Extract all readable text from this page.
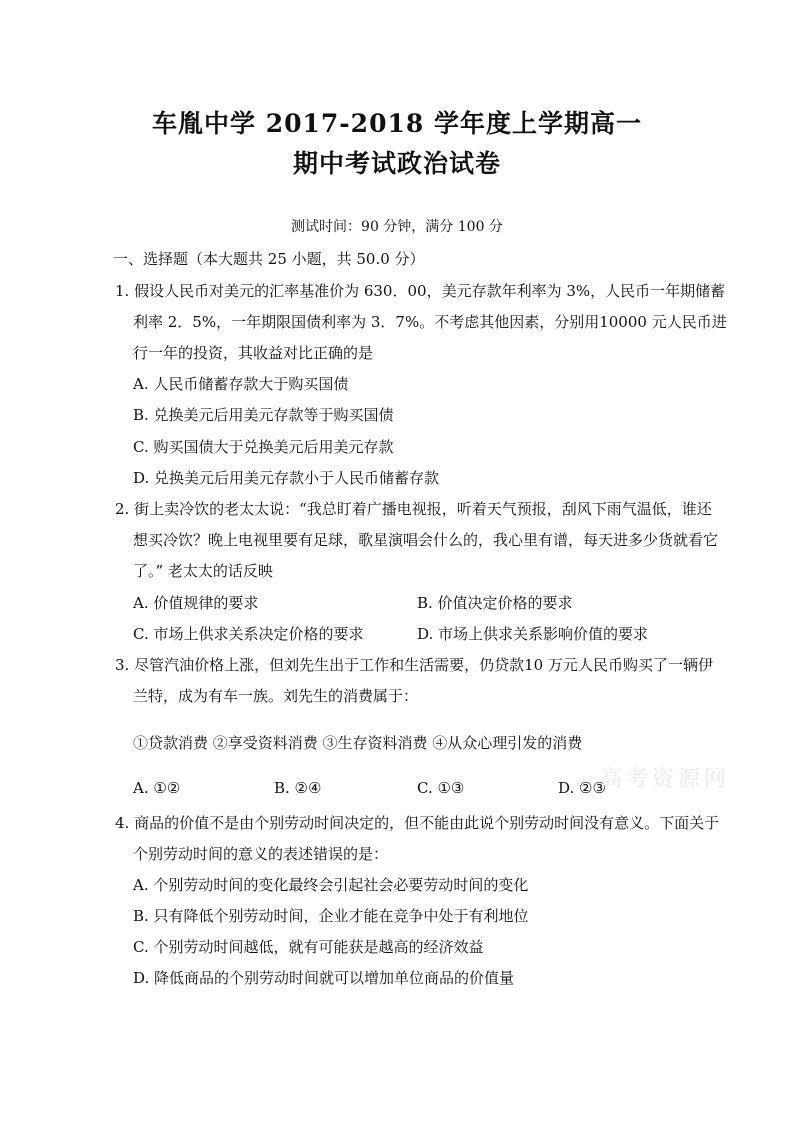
车胤中学 2017-2018 学年度上学期高一
期中考试政治试卷
测试时间：90 分钟，满分 100 分
一、选择题（本大题共 25 小题，共 50.0 分）
1. 假设人民币对美元的汇率基准价为 630．00，美元存款年利率为 3%，人民币一年期储蓄
利率 2．5%，一年期限国债利率为 3．7%。不考虑其他因素，分别用10000 元人民币进
行一年的投资，其收益对比正确的是
A. 人民币储蓄存款大于购买国债
B. 兑换美元后用美元存款等于购买国债
C. 购买国债大于兑换美元后用美元存款
D. 兑换美元后用美元存款小于人民币储蓄存款
2. 街上卖冷饮的老太太说：“我总盯着广播电视报，听着天气预报，刮风下雨气温低，谁还
想买冷饮？晚上电视里要有足球，歌星演唱会什么的，我心里有谱，每天进多少货就看它
了。” 老太太的话反映
A. 价值规律的要求	B. 价值决定价格的要求
C. 市场上供求关系决定价格的要求	D. 市场上供求关系影响价值的要求
3. 尽管汽油价格上涨，但刘先生出于工作和生活需要，仍贷款10 万元人民币购买了一辆伊
兰特，成为有车一族。刘先生的消费属于：
①贷款消费 ②享受资料消费 ③生存资料消费 ④从众心理引发的消费
A. ①②	B. ②④	C. ①③	D. ②③
4. 商品的价值不是由个别劳动时间决定的，但不能由此说个别劳动时间没有意义。下面关于
个别劳动时间的意义的表述错误的是：
A. 个别劳动时间的变化最终会引起社会必要劳动时间的变化
B. 只有降低个别劳动时间，企业才能在竞争中处于有利地位
C. 个别劳动时间越低，就有可能获是越高的经济效益
D. 降低商品的个别劳动时间就可以增加单位商品的价值量
高考资源网
